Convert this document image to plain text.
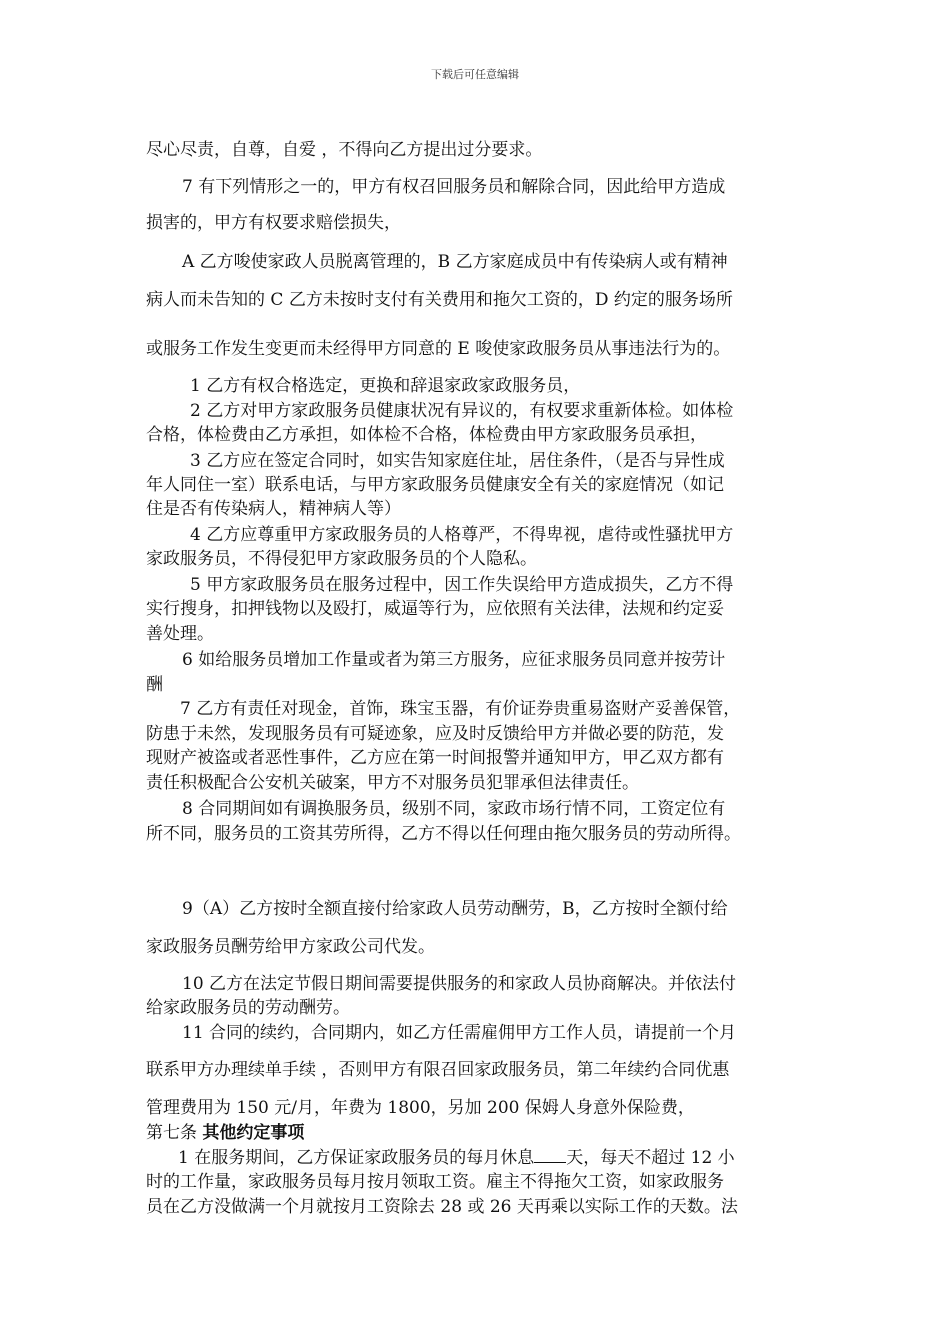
下载后可任意编辑
尽心尽责，自尊，自爱 ，不得向乙方提出过分要求。
7 有下列情形之一的，甲方有权召回服务员和解除合同，因此给甲方造成
损害的，甲方有权要求赔偿损失，
A 乙方唆使家政人员脱离管理的，B 乙方家庭成员中有传染病人或有精神
病人而未告知的 C 乙方未按时支付有关费用和拖欠工资的，D 约定的服务场所
或服务工作发生变更而未经得甲方同意的 E 唆使家政服务员从事违法行为的。
1 乙方有权合格选定，更换和辞退家政家政服务员，
2 乙方对甲方家政服务员健康状况有异议的，有权要求重新体检。如体检
合格，体检费由乙方承担，如体检不合格，体检费由甲方家政服务员承担，
3 乙方应在签定合同时，如实告知家庭住址，居住条件，（是否与异性成
年人同住一室）联系电话，与甲方家政服务员健康安全有关的家庭情况（如记
住是否有传染病人，精神病人等）
4 乙方应尊重甲方家政服务员的人格尊严，不得卑视，虐待或性骚扰甲方
家政服务员，不得侵犯甲方家政服务员的个人隐私。
5 甲方家政服务员在服务过程中，因工作失误给甲方造成损失，乙方不得
实行搜身，扣押钱物以及殴打，威逼等行为，应依照有关法律，法规和约定妥
善处理。
6 如给服务员增加工作量或者为第三方服务，应征求服务员同意并按劳计
酬
7 乙方有责任对现金，首饰，珠宝玉器，有价证券贵重易盗财产妥善保管，
防患于未然，发现服务员有可疑迹象，应及时反馈给甲方并做必要的防范，发
现财产被盗或者恶性事件，乙方应在第一时间报警并通知甲方，甲乙双方都有
责任积极配合公安机关破案，甲方不对服务员犯罪承但法律责任。
8 合同期间如有调换服务员，级别不同，家政市场行情不同，工资定位有
所不同，服务员的工资其劳所得，乙方不得以任何理由拖欠服务员的劳动所得。
9（A）乙方按时全额直接付给家政人员劳动酬劳，B，乙方按时全额付给
家政服务员酬劳给甲方家政公司代发。
10 乙方在法定节假日期间需要提供服务的和家政人员协商解决。并依法付
给家政服务员的劳动酬劳。
11 合同的续约，合同期内，如乙方任需雇佣甲方工作人员，请提前一个月
联系甲方办理续单手续 ，否则甲方有限召回家政服务员，第二年续约合同优惠
管理费用为 150 元/月，年费为 1800，另加 200 保姆人身意外保险费，
第七条 其他约定事项
1 在服务期间，乙方保证家政服务员的每月休息 天，每天不超过 12 小
时的工作量，家政服务员每月按月领取工资。雇主不得拖欠工资，如家政服务
员在乙方没做满一个月就按月工资除去 28 或 26 天再乘以实际工作的天数。法
